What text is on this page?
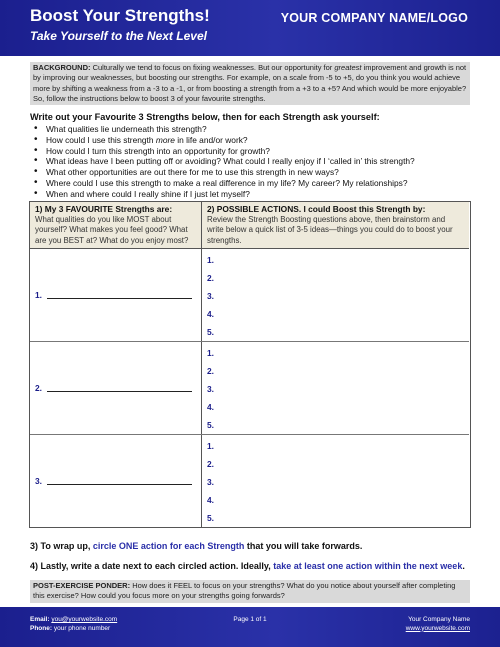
Boost Your Strengths!
Take Yourself to the Next Level
YOUR COMPANY NAME/LOGO
BACKGROUND: Culturally we tend to focus on fixing weaknesses. But our opportunity for greatest improvement and growth is not by improving our weaknesses, but boosting our strengths. For example, on a scale from -5 to +5, do you think you would achieve more by shifting a weakness from a -3 to a -1, or from boosting a strength from a +3 to a +5? And which would be more enjoyable? So, follow the instructions below to boost 3 of your favourite strengths.
Write out your Favourite 3 Strengths below, then for each Strength ask yourself:
• What qualities lie underneath this strength?
• How could I use this strength more in life and/or work?
• How could I turn this strength into an opportunity for growth?
• What ideas have I been putting off or avoiding? What could I really enjoy if I ‘called in’ this strength?
• What other opportunities are out there for me to use this strength in new ways?
• Where could I use this strength to make a real difference in my life? My career? My relationships?
• When and where could I really shine if I just let myself?
1) My 3 FAVOURITE Strengths are:
What qualities do you like MOST about yourself? What makes you feel good? What are you BEST at? What do you enjoy most?
2) POSSIBLE ACTIONS. I could Boost this Strength by:
Review the Strength Boosting questions above, then brainstorm and write below a quick list of 3-5 ideas—things you could do to boost your strengths.
1.
1.
2.
3.
4.
5.
2.
1.
2.
3.
4.
5.
3.
1.
2.
3.
4.
5.
3) To wrap up, circle ONE action for each Strength that you will take forwards.
4) Lastly, write a date next to each circled action. Ideally, take at least one action within the next week.
POST-EXERCISE PONDER: How does it FEEL to focus on your strengths? What do you notice about yourself after completing this exercise? How could you focus more on your strengths going forwards?
Email: you@yourwebsite.com
Phone: your phone number
Page 1 of 1	Your Company Name
www.yourwebsite.com
